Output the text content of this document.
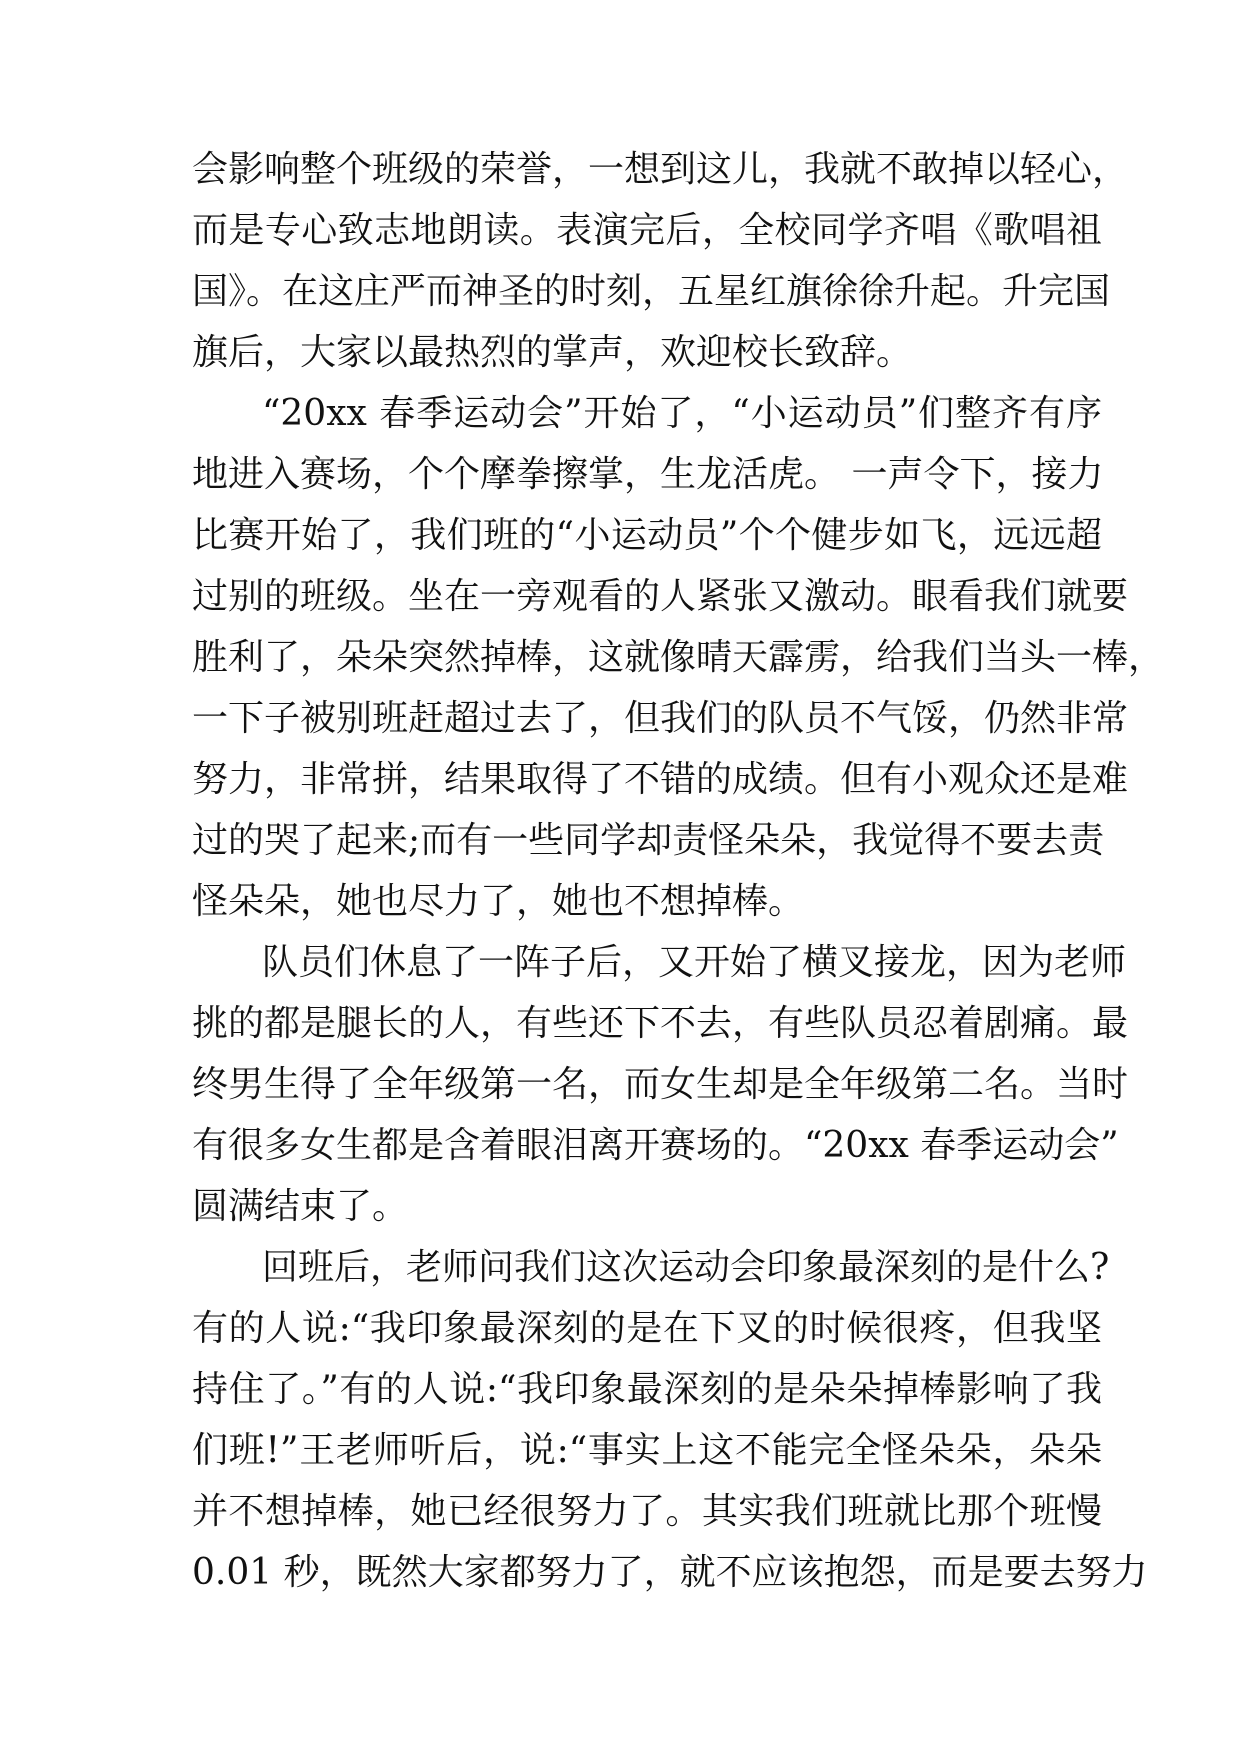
会影响整个班级的荣誉，一想到这儿，我就不敢掉以轻心，
而是专心致志地朗读。表演完后，全校同学齐唱《歌唱祖
国》。在这庄严而神圣的时刻，五星红旗徐徐升起。升完国
旗后，大家以最热烈的掌声，欢迎校长致辞。
“20xx 春季运动会”开始了，“小运动员”们整齐有序
地进入赛场，个个摩拳擦掌，生龙活虎。 一声令下，接力
比赛开始了，我们班的“小运动员”个个健步如飞，远远超
过别的班级。坐在一旁观看的人紧张又激动。眼看我们就要
胜利了，朵朵突然掉棒，这就像晴天霹雳，给我们当头一棒，
一下子被别班赶超过去了，但我们的队员不气馁，仍然非常
努力，非常拼，结果取得了不错的成绩。但有小观众还是难
过的哭了起来;而有一些同学却责怪朵朵，我觉得不要去责
怪朵朵，她也尽力了，她也不想掉棒。
队员们休息了一阵子后，又开始了横叉接龙，因为老师
挑的都是腿长的人，有些还下不去，有些队员忍着剧痛。最
终男生得了全年级第一名，而女生却是全年级第二名。当时
有很多女生都是含着眼泪离开赛场的。“20xx 春季运动会”
圆满结束了。
回班后，老师问我们这次运动会印象最深刻的是什么?
有的人说:“我印象最深刻的是在下叉的时候很疼，但我坚
持住了。”有的人说:“我印象最深刻的是朵朵掉棒影响了我
们班!”王老师听后，说:“事实上这不能完全怪朵朵，朵朵
并不想掉棒，她已经很努力了。其实我们班就比那个班慢
0.01 秒，既然大家都努力了，就不应该抱怨，而是要去努力
